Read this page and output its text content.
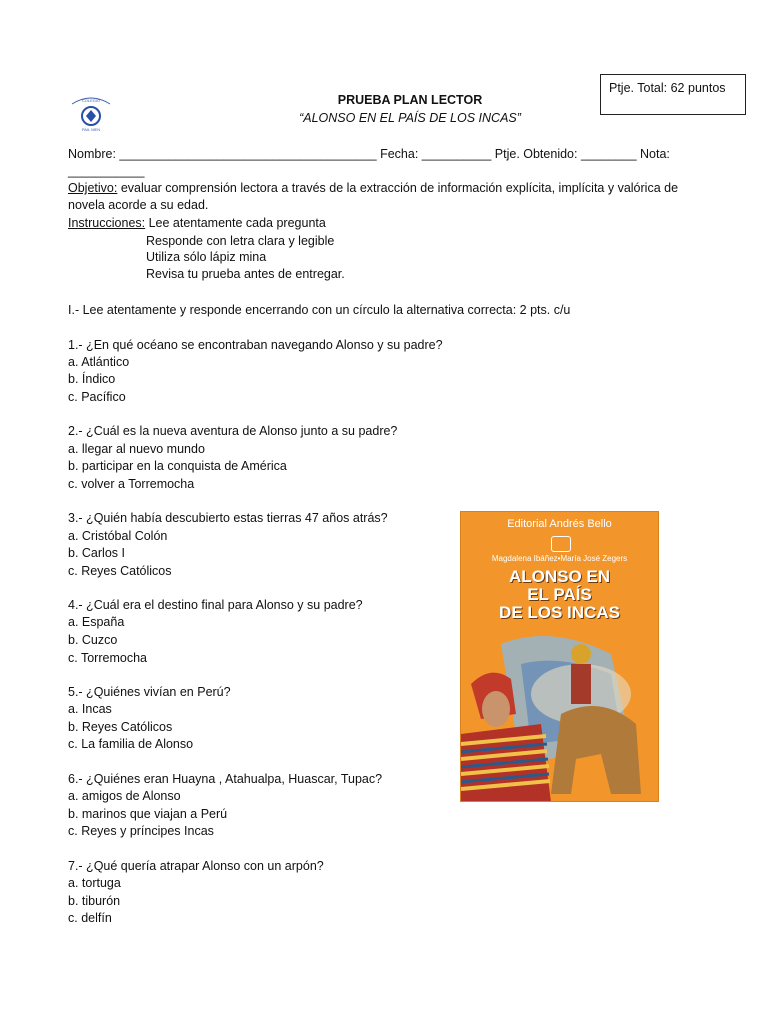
Ptje. Total: 62 puntos
COLEGIO
PAIL MEN
PRUEBA PLAN LECTOR
“ALONSO EN EL PAÍS DE LOS INCAS”
Nombre: _____________________________________ Fecha: __________ Ptje. Obtenido: ________ Nota:
___________
Objetivo: evaluar comprensión lectora a través de la extracción de información explícita, implícita y valórica de
novela acorde a su edad.
Instrucciones: Lee atentamente cada pregunta
Responde con letra clara y legible
Utiliza sólo lápiz mina
Revisa tu prueba antes de entregar.
I.- Lee atentamente y responde encerrando con un círculo la alternativa correcta: 2 pts. c/u
1.- ¿En qué océano se encontraban navegando Alonso y su padre?
a. Atlántico
b. Índico
c. Pacífico
2.- ¿Cuál es la nueva aventura de Alonso junto a su padre?
a. llegar al nuevo mundo
b. participar en la conquista de América
c. volver a Torremocha
3.- ¿Quién había descubierto estas tierras 47 años atrás?
a. Cristóbal Colón
b. Carlos I
c. Reyes Católicos
4.- ¿Cuál era el destino final para Alonso y su padre?
a. España
b. Cuzco
c. Torremocha
5.- ¿Quiénes vivían en Perú?
a. Incas
b. Reyes Católicos
c. La familia de Alonso
6.- ¿Quiénes eran Huayna , Atahualpa, Huascar, Tupac?
a. amigos de Alonso
b. marinos que viajan a Perú
c. Reyes y príncipes Incas
7.- ¿Qué quería atrapar Alonso con un arpón?
a. tortuga
b. tiburón
c. delfín
Editorial Andrés Bello
Magdalena Ibáñez•María José Zegers
ALONSO EN
EL PAÍS
DE LOS INCAS
